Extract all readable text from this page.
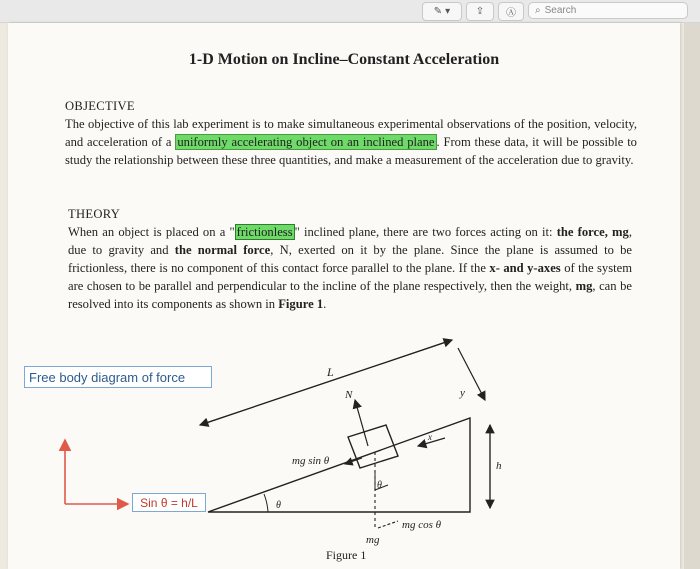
✎ ▾	⇪ Ⓐ ⌕ Search
1-D Motion on Incline–Constant Acceleration
OBJECTIVE
The objective of this lab experiment is to make simultaneous experimental observations of the position, velocity, and acceleration of a uniformly accelerating object on an inclined plane . From these data, it will be possible to study the relationship between these three quantities, and make a measurement of the acceleration due to gravity.
THEORY
When an object is placed on a " frictionless " inclined plane, there are two forces acting on it: the force, mg, due to gravity and the normal force, N, exerted on it by the plane. Since the plane is assumed to be frictionless, there is no component of this contact force parallel to the plane. If the x- and y-axes of the system are chosen to be parallel and perpendicular to the incline of the plane respectively, then the weight, mg, can be resolved into its components as shown in Figure 1.
Figure 1
L
N	y
x
h
mg sin θ
mg cos θ
mg
θ
θ
Free body diagram of force
Sin θ = h/L
